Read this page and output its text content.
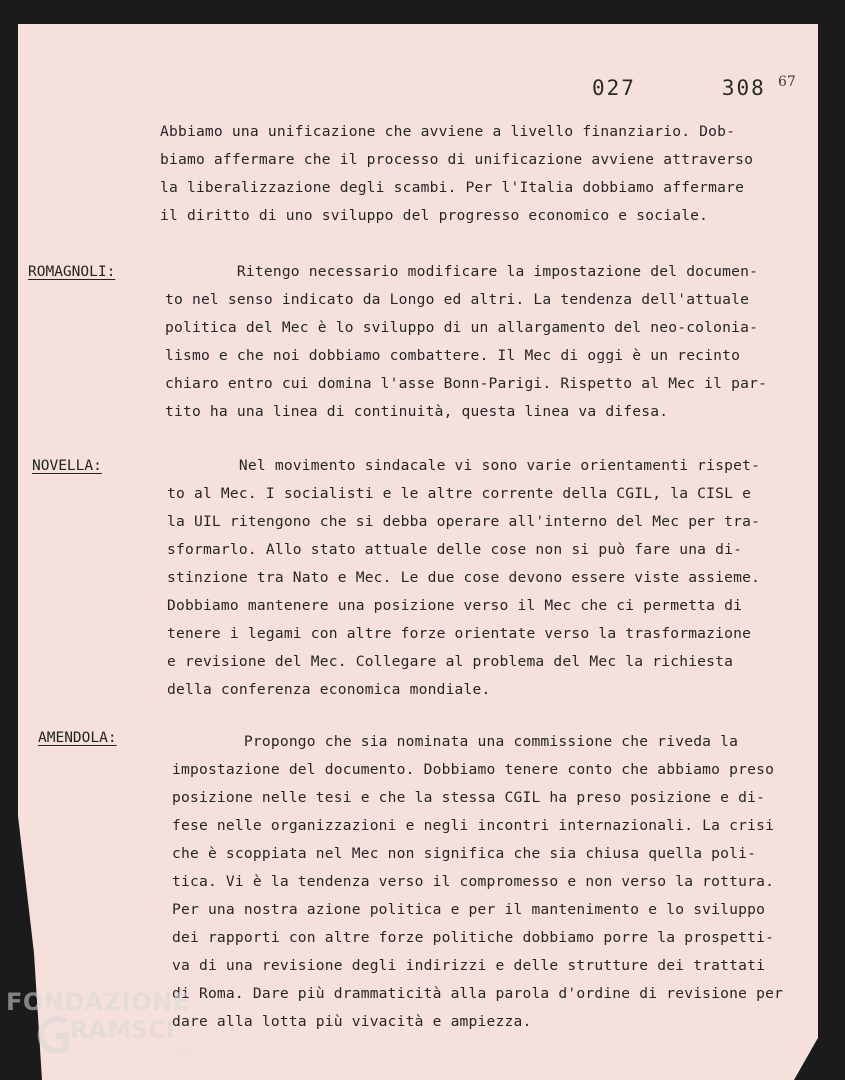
027   308 67
Abbiamo una unificazione che avviene a livello finanziario. Dob-
biamo affermare che il processo di unificazione avviene attraverso
la liberalizzazione degli scambi. Per l'Italia dobbiamo affermare
il diritto di uno sviluppo del progresso economico e sociale.
ROMAGNOLI:	Ritengo necessario modificare la impostazione del documen-
to nel senso indicato da Longo ed altri. La tendenza dell'attuale
politica del Mec è lo sviluppo di un allargamento del neo-colonia-
lismo e che noi dobbiamo combattere. Il Mec di oggi è un recinto
chiaro entro cui domina l'asse Bonn-Parigi. Rispetto al Mec il par-
tito ha una linea di continuità, questa linea va difesa.
NOVELLA:	Nel movimento sindacale vi sono varie orientamenti rispet-
to al Mec. I socialisti e le altre corrente della CGIL, la CISL e
la UIL ritengono che si debba operare all'interno del Mec per tra-
sformarlo. Allo stato attuale delle cose non si può fare una di-
stinzione tra Nato e Mec. Le due cose devono essere viste assieme.
Dobbiamo mantenere una posizione verso il Mec che ci permetta di
tenere i legami con altre forze orientate verso la trasformazione
e revisione del Mec. Collegare al problema del Mec la richiesta
della conferenza economica mondiale.
AMENDOLA:	Propongo che sia nominata una commissione che riveda la
impostazione del documento. Dobbiamo tenere conto che abbiamo preso
posizione nelle tesi e che la stessa CGIL ha preso posizione e di-
fese nelle organizzazioni e negli incontri internazionali. La crisi
che è scoppiata nel Mec non significa che sia chiusa quella poli-
tica. Vi è la tendenza verso il compromesso e non verso la rottura.
Per una nostra azione politica e per il mantenimento e lo sviluppo
dei rapporti con altre forze politiche dobbiamo porre la prospetti-
va di una revisione degli indirizzi e delle strutture dei trattati
di Roma. Dare più drammaticità alla parola d'ordine di revisione per
dare alla lotta più vivacità e ampiezza.
FONDAZIONE
RAMSCI
ONLUS
